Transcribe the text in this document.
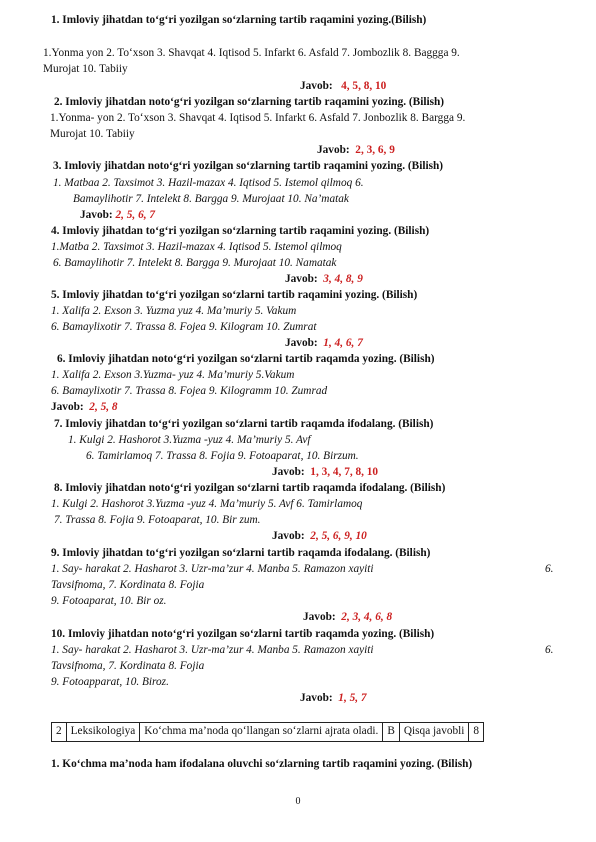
1. Imloviy jihatdan to‘g‘ri yozilgan so‘zlarning tartib raqamini yozing.(Bilish)
1.Yonma yon 2. To‘xson 3. Shavqat 4. Iqtisod 5. Infarkt 6. Asfald 7. Jombozlik 8. Baggga 9.
Murojat 10. Tabiiy
Javob: 4, 5, 8, 10
2. Imloviy jihatdan noto‘g‘ri yozilgan so‘zlarning tartib raqamini yozing. (Bilish)
1.Yonma- yon 2. To‘xson 3. Shavqat 4. Iqtisod 5. Infarkt 6. Asfald 7. Jonbozlik 8. Bargga 9.
Murojat 10. Tabiiy
Javob: 2, 3, 6, 9
3. Imloviy jihatdan noto‘g‘ri yozilgan so‘zlarning tartib raqamini yozing. (Bilish)
1. Matbaa 2. Taxsimot 3. Hazil-mazax 4. Iqtisod 5. Istemol qilmoq 6.
Bamaylihotir 7. Intelekt 8. Bargga 9. Murojaat 10. Na’matak
Javob: 2, 5, 6, 7
4. Imloviy jihatdan to‘g‘ri yozilgan so‘zlarning tartib raqamini yozing. (Bilish)
1.Matba 2. Taxsimot 3. Hazil-mazax 4. Iqtisod 5. Istemol qilmoq
6. Bamaylihotir 7. Intelekt 8. Bargga 9. Murojaat 10. Namatak
Javob: 3, 4, 8, 9
5. Imloviy jihatdan to‘g‘ri yozilgan so‘zlarni tartib raqamini yozing. (Bilish)
1. Xalifa 2. Exson 3. Yuzma yuz 4. Ma’muriy 5. Vakum
6. Bamaylixotir 7. Trassa 8. Fojea 9. Kilogram 10. Zumrat
Javob: 1, 4, 6, 7
6. Imloviy jihatdan noto‘g‘ri yozilgan so‘zlarni tartib raqamda yozing. (Bilish)
1. Xalifa 2. Exson 3.Yuzma- yuz 4. Ma’muriy 5.Vakum
6. Bamaylixotir 7. Trassa 8. Fojea 9. Kilogramm 10. Zumrad
Javob: 2, 5, 8
7. Imloviy jihatdan to‘g‘ri yozilgan so‘zlarni tartib raqamda ifodalang. (Bilish)
1. Kulgi 2. Hashorot 3.Yuzma -yuz 4. Ma’muriy 5. Avf
6. Tamirlamoq 7. Trassa 8. Fojia 9. Fotoaparat, 10. Birzum.
Javob: 1, 3, 4, 7, 8, 10
8. Imloviy jihatdan noto‘g‘ri yozilgan so‘zlarni tartib raqamda ifodalang. (Bilish)
1. Kulgi 2. Hashorot 3.Yuzma -yuz 4. Ma’muriy 5. Avf 6. Tamirlamoq
7. Trassa 8. Fojia 9. Fotoaparat, 10. Bir zum.
Javob: 2, 5, 6, 9, 10
9. Imloviy jihatdan to‘g‘ri yozilgan so‘zlarni tartib raqamda ifodalang. (Bilish)
1. Say- harakat 2. Hasharot 3. Uzr-ma’zur 4. Manba 5. Ramazon xayiti	6.
Tavsifnoma, 7. Kordinata 8. Fojia
9. Fotoaparat, 10. Bir oz.
Javob: 2, 3, 4, 6, 8
10. Imloviy jihatdan noto‘g‘ri yozilgan so‘zlarni tartib raqamda yozing. (Bilish)
1. Say- harakat 2. Hasharot 3. Uzr-ma’zur 4. Manba 5. Ramazon xayiti	6.
Tavsifnoma, 7. Kordinata 8. Fojia
9. Fotoapparat, 10. Biroz.
Javob: 1, 5, 7
2	Leksikologiya	Ko‘chma ma’noda qo‘llangan so‘zlarni ajrata oladi.	B	Qisqa javobli	8
1. Ko‘chma ma’noda ham ifodalana oluvchi so‘zlarning tartib raqamini yozing. (Bilish)
0
